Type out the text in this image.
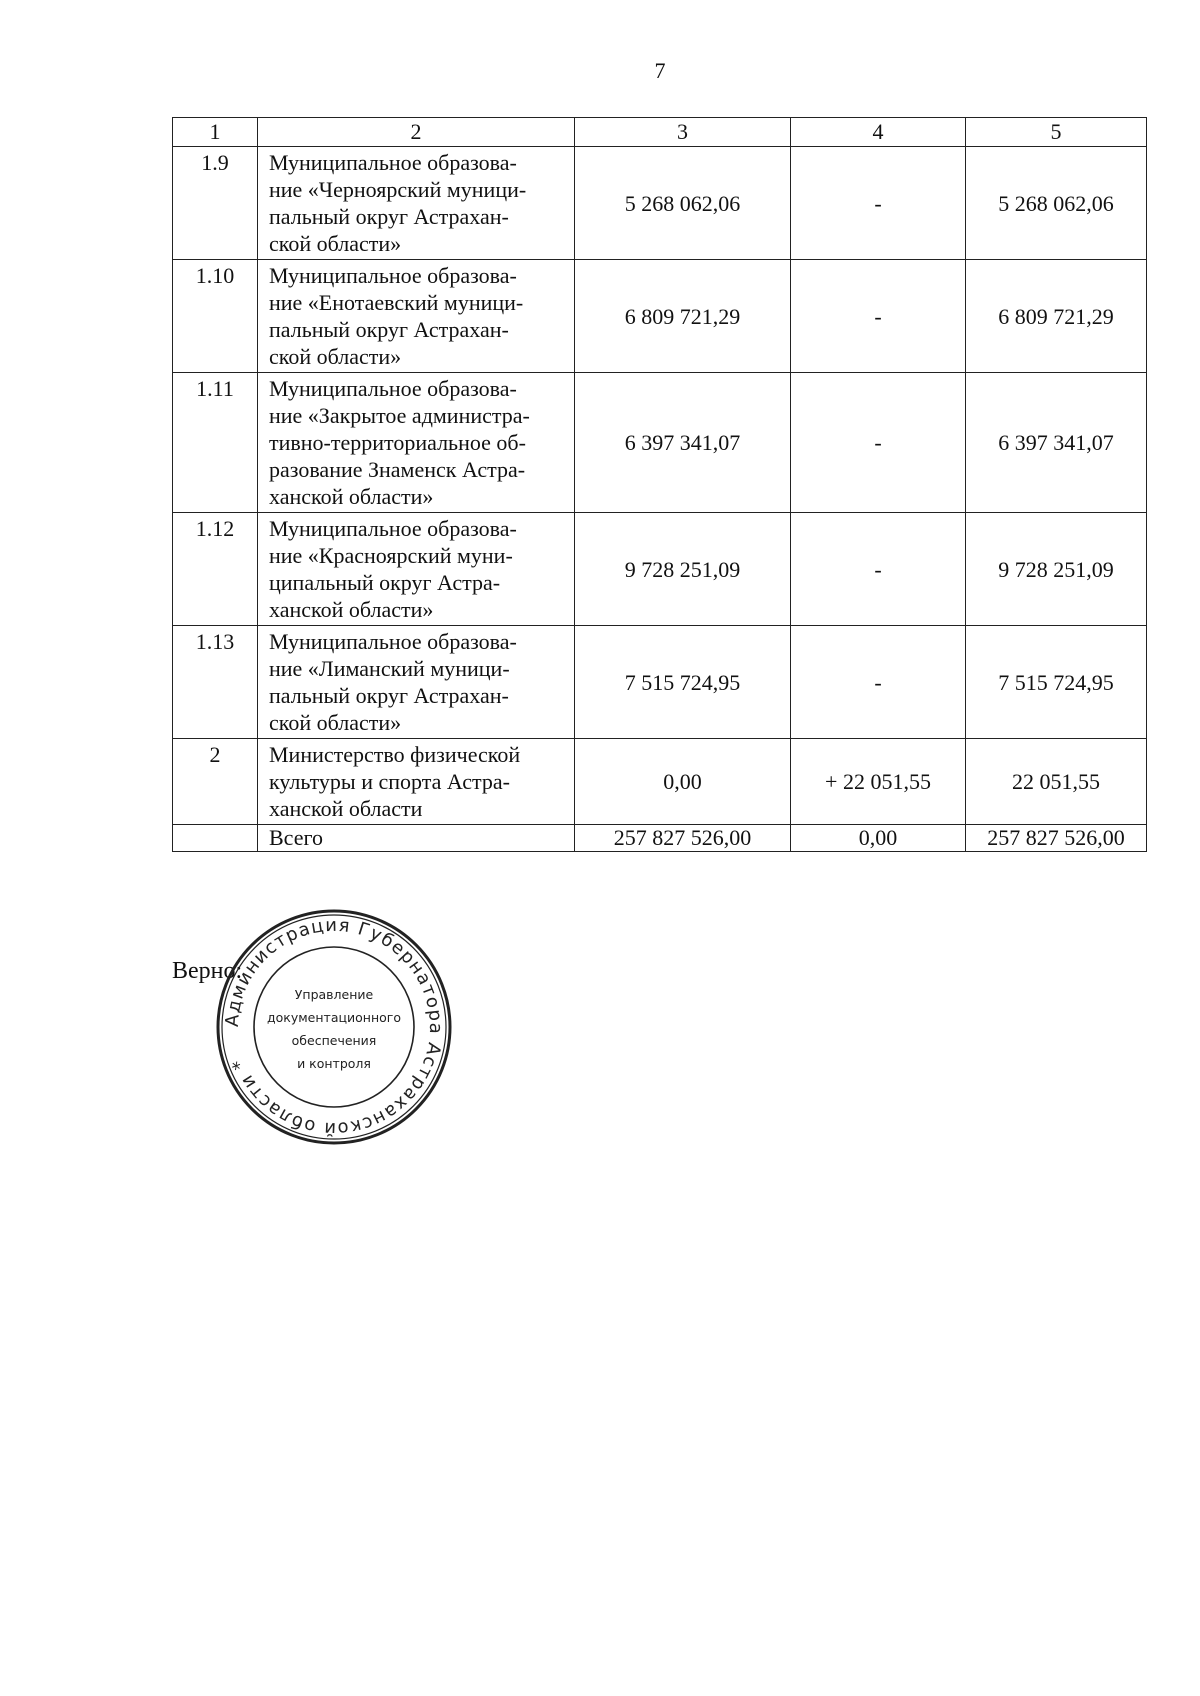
7
1	2	3	4	5
1.9	Муниципальное образова-
ние «Черноярский муници-
пальный округ Астрахан-
ской области»	5 268 062,06	-	5 268 062,06
1.10	Муниципальное образова-
ние «Енотаевский муници-
пальный округ Астрахан-
ской области»	6 809 721,29	-	6 809 721,29
1.11	Муниципальное образова-
ние «Закрытое администра-
тивно-территориальное об-
разование Знаменск Астра-
ханской области»	6 397 341,07	-	6 397 341,07
1.12	Муниципальное образова-
ние «Красноярский муни-
ципальный округ Астра-
ханской области»	9 728 251,09	-	9 728 251,09
1.13	Муниципальное образова-
ние «Лиманский муници-
пальный округ Астрахан-
ской области»	7 515 724,95	-	7 515 724,95
2	Министерство физической
культуры и спорта Астра-
ханской области	0,00	+ 22 051,55	22 051,55
	Всего	257 827 526,00	0,00	257 827 526,00
Верно:
Администрация Губернатора Астраханской области *
Управление
документационного
обеспечения
и контроля
